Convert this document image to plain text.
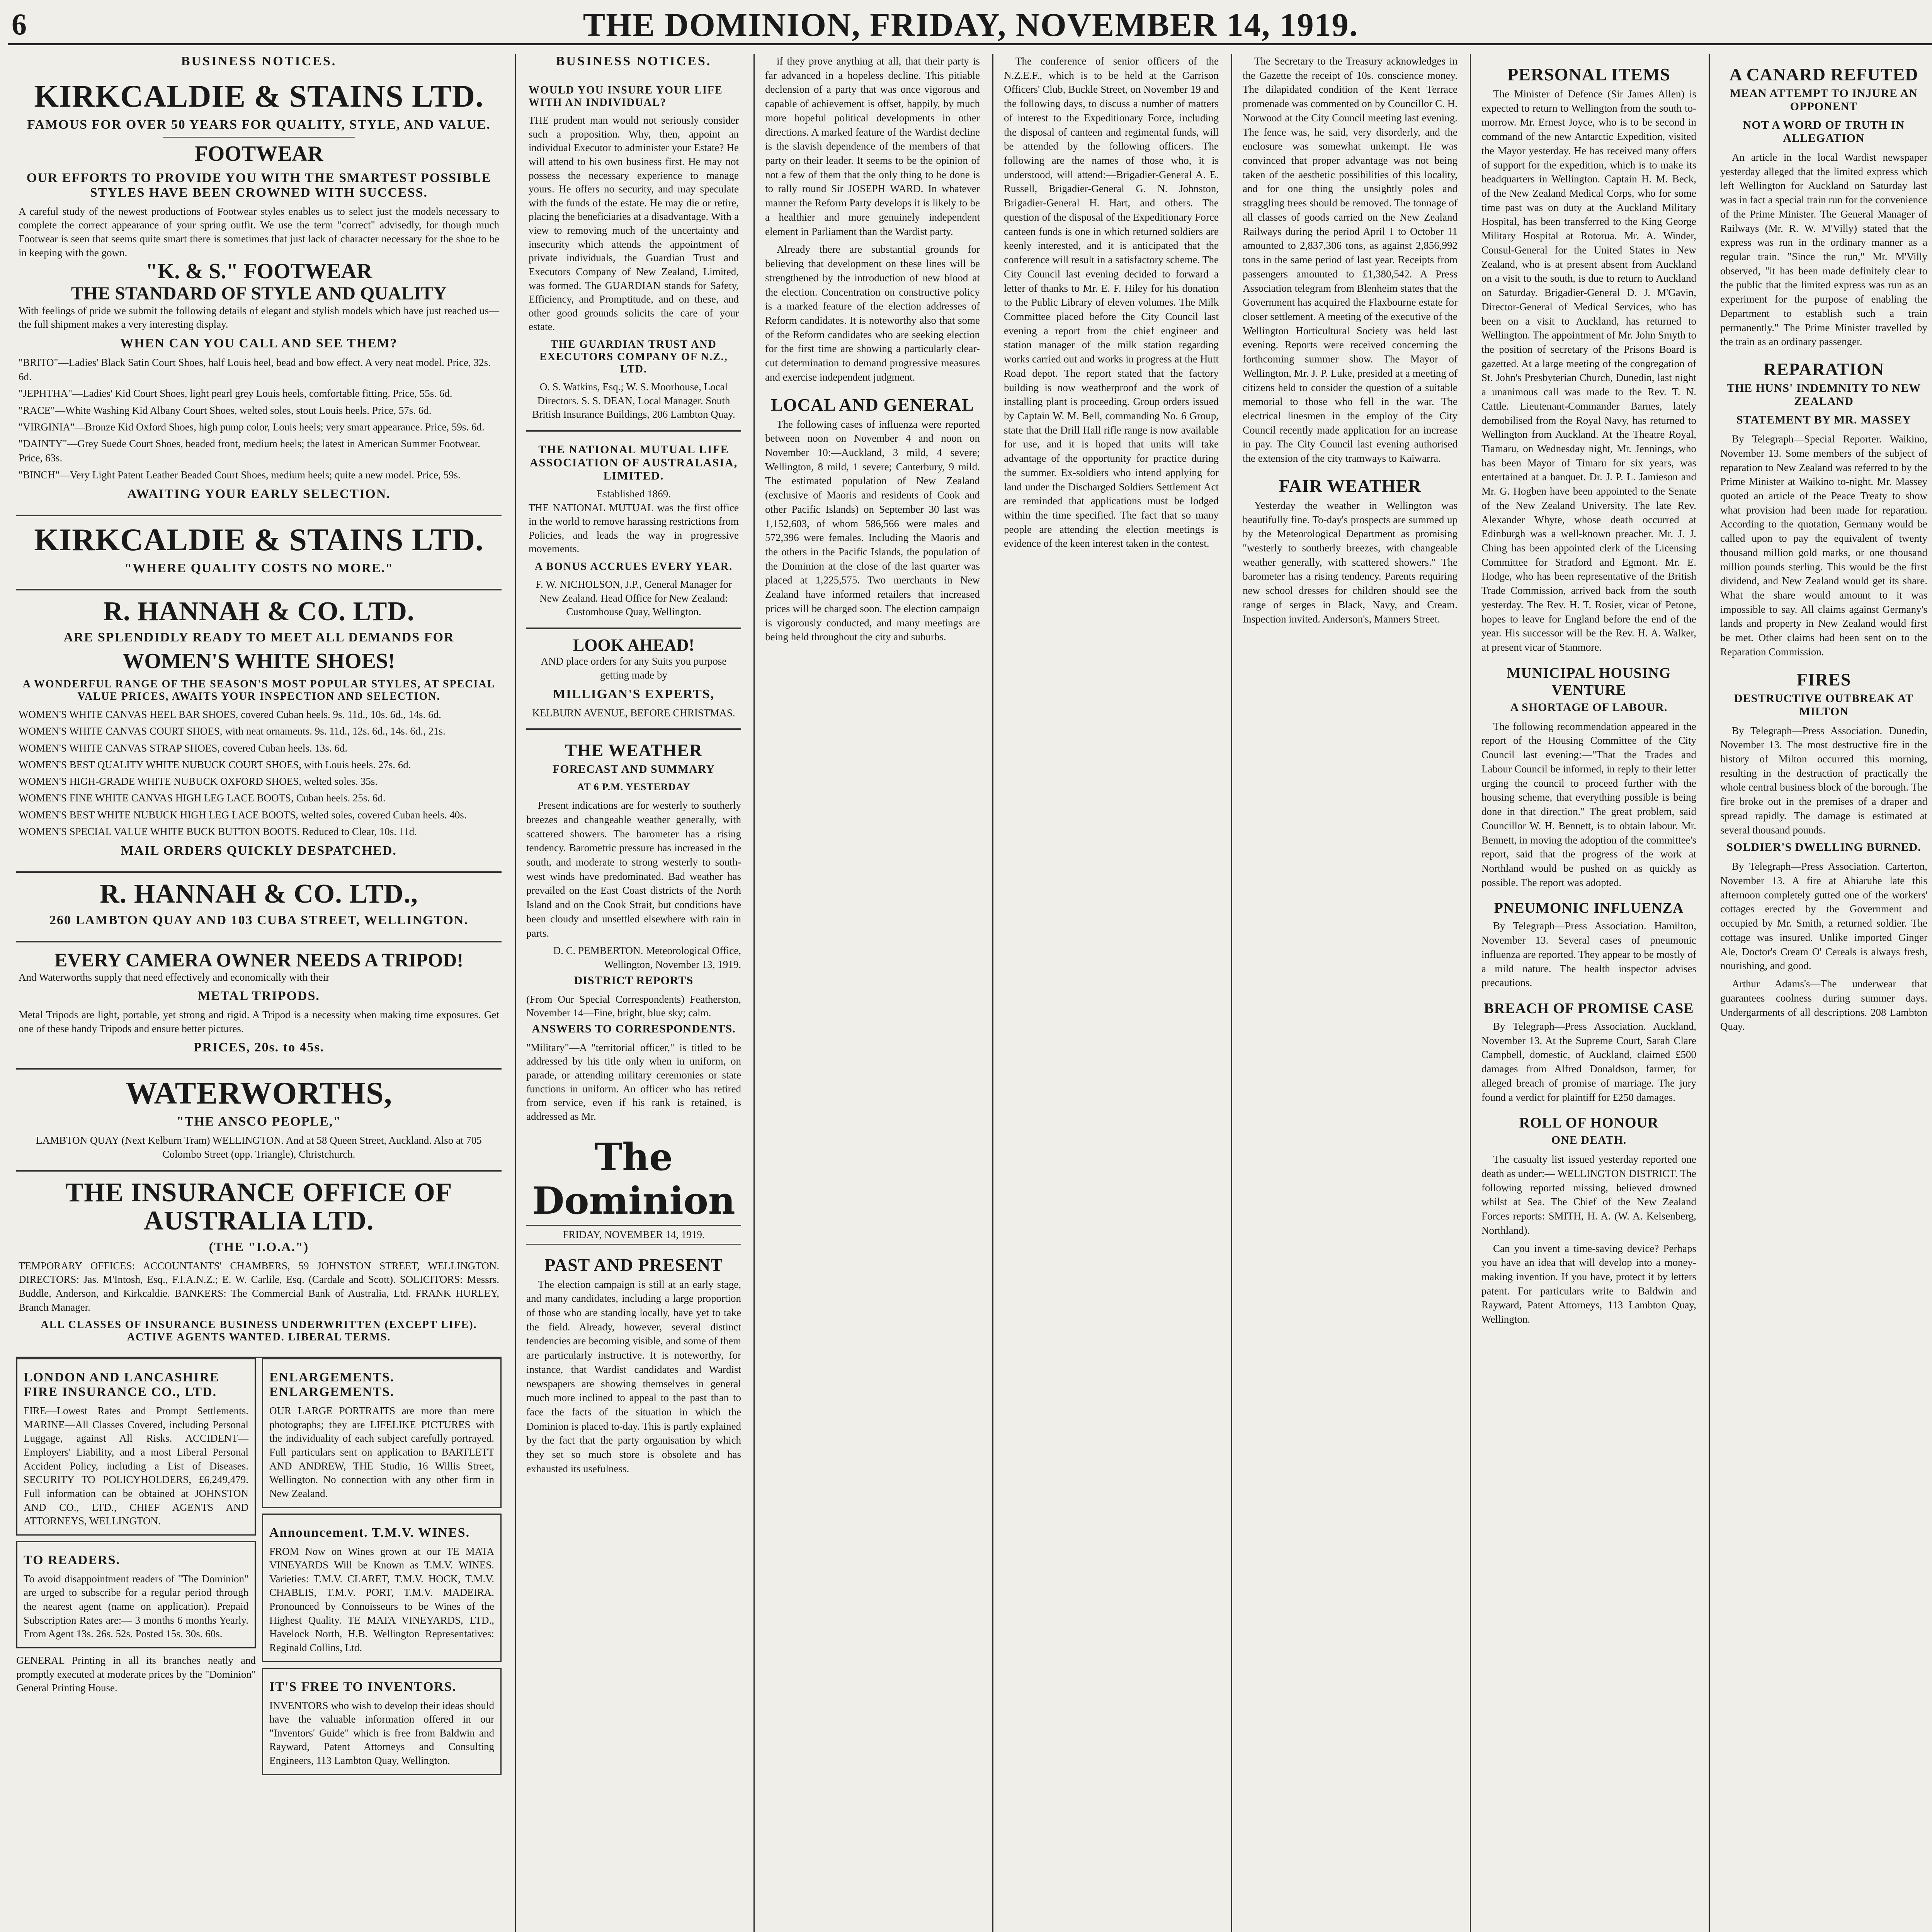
6	THE DOMINION, FRIDAY, NOVEMBER 14, 1919.
BUSINESS NOTICES.
KIRKCALDIE & STAINS LTD.
FAMOUS FOR OVER 50 YEARS FOR QUALITY, STYLE, AND VALUE.
FOOTWEAR
OUR EFFORTS TO PROVIDE YOU WITH THE SMARTEST POSSIBLE STYLES HAVE BEEN CROWNED WITH SUCCESS.
A careful study of the newest productions of Footwear styles enables us to select just the models necessary to complete the correct appearance of your spring outfit. We use the term "correct" advisedly, for though much Footwear is seen that seems quite smart there is sometimes that just lack of character necessary for the shoe to be in keeping with the gown.
"K. & S." FOOTWEAR
THE STANDARD OF STYLE AND QUALITY
With feelings of pride we submit the following details of elegant and stylish models which have just reached us—the full shipment makes a very interesting display.
WHEN CAN YOU CALL AND SEE THEM?
"BRITO"—Ladies' Black Satin Court Shoes, half Louis heel, bead and bow effect. A very neat model. Price, 32s. 6d.
"JEPHTHA"—Ladies' Kid Court Shoes, light pearl grey Louis heels, comfortable fitting. Price, 55s. 6d.
"RACE"—White Washing Kid Albany Court Shoes, welted soles, stout Louis heels. Price, 57s. 6d.
"VIRGINIA"—Bronze Kid Oxford Shoes, high pump color, Louis heels; very smart appearance. Price, 59s. 6d.
"DAINTY"—Grey Suede Court Shoes, beaded front, medium heels; the latest in American Summer Footwear. Price, 63s.
"BINCH"—Very Light Patent Leather Beaded Court Shoes, medium heels; quite a new model. Price, 59s.
AWAITING YOUR EARLY SELECTION.
KIRKCALDIE & STAINS LTD.
"WHERE QUALITY COSTS NO MORE."
R. HANNAH & CO. LTD.
ARE SPLENDIDLY READY TO MEET ALL DEMANDS FOR
WOMEN'S WHITE SHOES!
A WONDERFUL RANGE OF THE SEASON'S MOST POPULAR STYLES, AT SPECIAL VALUE PRICES, AWAITS YOUR INSPECTION AND SELECTION.
WOMEN'S WHITE CANVAS HEEL BAR SHOES, covered Cuban heels. 9s. 11d., 10s. 6d., 14s. 6d.
WOMEN'S WHITE CANVAS COURT SHOES, with neat ornaments. 9s. 11d., 12s. 6d., 14s. 6d., 21s.
WOMEN'S WHITE CANVAS STRAP SHOES, covered Cuban heels. 13s. 6d.
WOMEN'S BEST QUALITY WHITE NUBUCK COURT SHOES, with Louis heels. 27s. 6d.
WOMEN'S HIGH-GRADE WHITE NUBUCK OXFORD SHOES, welted soles. 35s.
WOMEN'S FINE WHITE CANVAS HIGH LEG LACE BOOTS, Cuban heels. 25s. 6d.
WOMEN'S BEST WHITE NUBUCK HIGH LEG LACE BOOTS, welted soles, covered Cuban heels. 40s.
WOMEN'S SPECIAL VALUE WHITE BUCK BUTTON BOOTS. Reduced to Clear, 10s. 11d.
MAIL ORDERS QUICKLY DESPATCHED.
R. HANNAH & CO. LTD.,
260 LAMBTON QUAY AND 103 CUBA STREET, WELLINGTON.
EVERY CAMERA OWNER NEEDS A TRIPOD!
And Waterworths supply that need effectively and economically with their
METAL TRIPODS.
Metal Tripods are light, portable, yet strong and rigid. A Tripod is a necessity when making time exposures. Get one of these handy Tripods and ensure better pictures.
PRICES, 20s. to 45s.
WATERWORTHS,
"THE ANSCO PEOPLE,"
LAMBTON QUAY (Next Kelburn Tram) WELLINGTON. And at 58 Queen Street, Auckland. Also at 705 Colombo Street (opp. Triangle), Christchurch.
THE INSURANCE OFFICE OF AUSTRALIA LTD.
(THE "I.O.A.")
TEMPORARY OFFICES: ACCOUNTANTS' CHAMBERS, 59 JOHNSTON STREET, WELLINGTON. DIRECTORS: Jas. M'Intosh, Esq., F.I.A.N.Z.; E. W. Carlile, Esq. (Cardale and Scott). SOLICITORS: Messrs. Buddle, Anderson, and Kirkcaldie. BANKERS: The Commercial Bank of Australia, Ltd. FRANK HURLEY, Branch Manager.
ALL CLASSES OF INSURANCE BUSINESS UNDERWRITTEN (EXCEPT LIFE). ACTIVE AGENTS WANTED. LIBERAL TERMS.
LONDON AND LANCASHIRE FIRE INSURANCE CO., LTD.
FIRE—Lowest Rates and Prompt Settlements. MARINE—All Classes Covered, including Personal Luggage, against All Risks. ACCIDENT—Employers' Liability, and a most Liberal Personal Accident Policy, including a List of Diseases. SECURITY TO POLICYHOLDERS, £6,249,479. Full information can be obtained at JOHNSTON AND CO., LTD., CHIEF AGENTS AND ATTORNEYS, WELLINGTON.
TO READERS.
To avoid disappointment readers of "The Dominion" are urged to subscribe for a regular period through the nearest agent (name on application). Prepaid Subscription Rates are:— 3 months 6 months Yearly. From Agent 13s. 26s. 52s. Posted 15s. 30s. 60s.
GENERAL Printing in all its branches neatly and promptly executed at moderate prices by the "Dominion" General Printing House.
ENLARGEMENTS. ENLARGEMENTS.
OUR LARGE PORTRAITS are more than mere photographs; they are LIFELIKE PICTURES with the individuality of each subject carefully portrayed. Full particulars sent on application to BARTLETT AND ANDREW, THE Studio, 16 Willis Street, Wellington. No connection with any other firm in New Zealand.
Announcement. T.M.V. WINES.
FROM Now on Wines grown at our TE MATA VINEYARDS Will be Known as T.M.V. WINES. Varieties: T.M.V. CLARET, T.M.V. HOCK, T.M.V. CHABLIS, T.M.V. PORT, T.M.V. MADEIRA. Pronounced by Connoisseurs to be Wines of the Highest Quality. TE MATA VINEYARDS, LTD., Havelock North, H.B. Wellington Representatives: Reginald Collins, Ltd.
IT'S FREE TO INVENTORS.
INVENTORS who wish to develop their ideas should have the valuable information offered in our "Inventors' Guide" which is free from Baldwin and Rayward, Patent Attorneys and Consulting Engineers, 113 Lambton Quay, Wellington.
BUSINESS NOTICES.
WOULD YOU INSURE YOUR LIFE WITH AN INDIVIDUAL?
THE prudent man would not seriously consider such a proposition. Why, then, appoint an individual Executor to administer your Estate? He will attend to his own business first. He may not possess the necessary experience to manage yours. He offers no security, and may speculate with the funds of the estate. He may die or retire, placing the beneficiaries at a disadvantage. With a view to removing much of the uncertainty and insecurity which attends the appointment of private individuals, the Guardian Trust and Executors Company of New Zealand, Limited, was formed. The GUARDIAN stands for Safety, Efficiency, and Promptitude, and on these, and other good grounds solicits the care of your estate.
THE GUARDIAN TRUST AND EXECUTORS COMPANY OF N.Z., LTD.
O. S. Watkins, Esq.; W. S. Moorhouse, Local Directors. S. S. DEAN, Local Manager. South British Insurance Buildings, 206 Lambton Quay.
THE NATIONAL MUTUAL LIFE ASSOCIATION OF AUSTRALASIA, LIMITED.
Established 1869.
THE NATIONAL MUTUAL was the first office in the world to remove harassing restrictions from Policies, and leads the way in progressive movements.
A BONUS ACCRUES EVERY YEAR.
F. W. NICHOLSON, J.P., General Manager for New Zealand. Head Office for New Zealand: Customhouse Quay, Wellington.
LOOK AHEAD!
AND place orders for any Suits you purpose getting made by
MILLIGAN'S EXPERTS,
KELBURN AVENUE, BEFORE CHRISTMAS.
THE WEATHER
FORECAST AND SUMMARY
AT 6 P.M. YESTERDAY

Present indications are for westerly to southerly breezes and changeable weather generally, with scattered showers. The barometer has a rising tendency. Barometric pressure has increased in the south, and moderate to strong westerly to south-west winds have predominated. Bad weather has prevailed on the East Coast districts of the North Island and on the Cook Strait, but conditions have been cloudy and unsettled elsewhere with rain in parts.

D. C. PEMBERTON. Meteorological Office, Wellington, November 13, 1919.
DISTRICT REPORTS
(From Our Special Correspondents) Featherston, November 14—Fine, bright, blue sky; calm.
ANSWERS TO CORRESPONDENTS.
"Military"—A "territorial officer," is titled to be addressed by his title only when in uniform, on parade, or attending military ceremonies or state functions in uniform. An officer who has retired from service, even if his rank is retained, is addressed as Mr.
The Dominion
FRIDAY, NOVEMBER 14, 1919.
PAST AND PRESENT

The election campaign is still at an early stage, and many candidates, including a large proportion of those who are standing locally, have yet to take the field. Already, however, several distinct tendencies are becoming visible, and some of them are particularly instructive. It is noteworthy, for instance, that Wardist candidates and Wardist newspapers are showing themselves in general much more inclined to appeal to the past than to face the facts of the situation in which the Dominion is placed to-day. This is partly explained by the fact that the party organisation by which they set so much store is obsolete and has exhausted its usefulness.

if they prove anything at all, that their party is far advanced in a hopeless decline. This pitiable declension of a party that was once vigorous and capable of achievement is offset, happily, by much more hopeful political developments in other directions. A marked feature of the Wardist decline is the slavish dependence of the members of that party on their leader. It seems to be the opinion of not a few of them that the only thing to be done is to rally round Sir JOSEPH WARD. In whatever manner the Reform Party develops it is likely to be a healthier and more genuinely independent element in Parliament than the Wardist party.

Already there are substantial grounds for believing that development on these lines will be strengthened by the introduction of new blood at the election. Concentration on constructive policy is a marked feature of the election addresses of Reform candidates. It is noteworthy also that some of the Reform candidates who are seeking election for the first time are showing a particularly clear-cut determination to demand progressive measures and exercise independent judgment.

LOCAL AND GENERAL

The following cases of influenza were reported between noon on November 4 and noon on November 10:—Auckland, 3 mild, 4 severe; Wellington, 8 mild, 1 severe; Canterbury, 9 mild. The estimated population of New Zealand (exclusive of Maoris and residents of Cook and other Pacific Islands) on September 30 last was 1,152,603, of whom 586,566 were males and 572,396 were females. Including the Maoris and the others in the Pacific Islands, the population of the Dominion at the close of the last quarter was placed at 1,225,575. Two merchants in New Zealand have informed retailers that increased prices will be charged soon. The election campaign is vigorously conducted, and many meetings are being held throughout the city and suburbs.

The conference of senior officers of the N.Z.E.F., which is to be held at the Garrison Officers' Club, Buckle Street, on November 19 and the following days, to discuss a number of matters of interest to the Expeditionary Force, including the disposal of canteen and regimental funds, will be attended by the following officers. The following are the names of those who, it is understood, will attend:—Brigadier-General A. E. Russell, Brigadier-General G. N. Johnston, Brigadier-General H. Hart, and others. The question of the disposal of the Expeditionary Force canteen funds is one in which returned soldiers are keenly interested, and it is anticipated that the conference will result in a satisfactory scheme. The City Council last evening decided to forward a letter of thanks to Mr. E. F. Hiley for his donation to the Public Library of eleven volumes. The Milk Committee placed before the City Council last evening a report from the chief engineer and station manager of the milk station regarding works carried out and works in progress at the Hutt Road depot. The report stated that the factory building is now weatherproof and the work of installing plant is proceeding. Group orders issued by Captain W. M. Bell, commanding No. 6 Group, state that the Drill Hall rifle range is now available for use, and it is hoped that units will take advantage of the opportunity for practice during the summer. Ex-soldiers who intend applying for land under the Discharged Soldiers Settlement Act are reminded that applications must be lodged within the time specified. The fact that so many people are attending the election meetings is evidence of the keen interest taken in the contest.

The Secretary to the Treasury acknowledges in the Gazette the receipt of 10s. conscience money. The dilapidated condition of the Kent Terrace promenade was commented on by Councillor C. H. Norwood at the City Council meeting last evening. The fence was, he said, very disorderly, and the enclosure was somewhat unkempt. He was convinced that proper advantage was not being taken of the aesthetic possibilities of this locality, and for one thing the unsightly poles and straggling trees should be removed. The tonnage of all classes of goods carried on the New Zealand Railways during the period April 1 to October 11 amounted to 2,837,306 tons, as against 2,856,992 tons in the same period of last year. Receipts from passengers amounted to £1,380,542. A Press Association telegram from Blenheim states that the Government has acquired the Flaxbourne estate for closer settlement. A meeting of the executive of the Wellington Horticultural Society was held last evening. Reports were received concerning the forthcoming summer show. The Mayor of Wellington, Mr. J. P. Luke, presided at a meeting of citizens held to consider the question of a suitable memorial to those who fell in the war. The electrical linesmen in the employ of the City Council recently made application for an increase in pay. The City Council last evening authorised the extension of the city tramways to Kaiwarra.

FAIR WEATHER

Yesterday the weather in Wellington was beautifully fine. To-day's prospects are summed up by the Meteorological Department as promising "westerly to southerly breezes, with changeable weather generally, with scattered showers." The barometer has a rising tendency. Parents requiring new school dresses for children should see the range of serges in Black, Navy, and Cream. Inspection invited. Anderson's, Manners Street.

PERSONAL ITEMS

The Minister of Defence (Sir James Allen) is expected to return to Wellington from the south to-morrow. Mr. Ernest Joyce, who is to be second in command of the new Antarctic Expedition, visited the Mayor yesterday. He has received many offers of support for the expedition, which is to make its headquarters in Wellington. Captain H. M. Beck, of the New Zealand Medical Corps, who for some time past was on duty at the Auckland Military Hospital, has been transferred to the King George Military Hospital at Rotorua. Mr. A. Winder, Consul-General for the United States in New Zealand, who is at present absent from Auckland on a visit to the south, is due to return to Auckland on Saturday. Brigadier-General D. J. M'Gavin, Director-General of Medical Services, who has been on a visit to Auckland, has returned to Wellington. The appointment of Mr. John Smyth to the position of secretary of the Prisons Board is gazetted. At a large meeting of the congregation of St. John's Presbyterian Church, Dunedin, last night a unanimous call was made to the Rev. T. N. Cattle. Lieutenant-Commander Barnes, lately demobilised from the Royal Navy, has returned to Wellington from Auckland. At the Theatre Royal, Tiamaru, on Wednesday night, Mr. Jennings, who has been Mayor of Timaru for six years, was entertained at a banquet. Dr. J. P. L. Jamieson and Mr. G. Hogben have been appointed to the Senate of the New Zealand University. The late Rev. Alexander Whyte, whose death occurred at Edinburgh was a well-known preacher. Mr. J. J. Ching has been appointed clerk of the Licensing Committee for Stratford and Egmont. Mr. E. Hodge, who has been representative of the British Trade Commission, arrived back from the south yesterday. The Rev. H. T. Rosier, vicar of Petone, hopes to leave for England before the end of the year. His successor will be the Rev. H. A. Walker, at present vicar of Stanmore.

MUNICIPAL HOUSING VENTURE
A SHORTAGE OF LABOUR.

The following recommendation appeared in the report of the Housing Committee of the City Council last evening:—"That the Trades and Labour Council be informed, in reply to their letter urging the council to proceed further with the housing scheme, that everything possible is being done in that direction." The great problem, said Councillor W. H. Bennett, is to obtain labour. Mr. Bennett, in moving the adoption of the committee's report, said that the progress of the work at Northland would be pushed on as quickly as possible. The report was adopted.

PNEUMONIC INFLUENZA

By Telegraph—Press Association. Hamilton, November 13. Several cases of pneumonic influenza are reported. They appear to be mostly of a mild nature. The health inspector advises precautions.

BREACH OF PROMISE CASE

By Telegraph—Press Association. Auckland, November 13. At the Supreme Court, Sarah Clare Campbell, domestic, of Auckland, claimed £500 damages from Alfred Donaldson, farmer, for alleged breach of promise of marriage. The jury found a verdict for plaintiff for £250 damages.

ROLL OF HONOUR
ONE DEATH.

The casualty list issued yesterday reported one death as under:— WELLINGTON DISTRICT. The following reported missing, believed drowned whilst at Sea. The Chief of the New Zealand Forces reports: SMITH, H. A. (W. A. Kelsenberg, Northland).

Can you invent a time-saving device? Perhaps you have an idea that will develop into a money-making invention. If you have, protect it by letters patent. For particulars write to Baldwin and Rayward, Patent Attorneys, 113 Lambton Quay, Wellington.

A CANARD REFUTED
MEAN ATTEMPT TO INJURE AN OPPONENT
NOT A WORD OF TRUTH IN ALLEGATION

An article in the local Wardist newspaper yesterday alleged that the limited express which left Wellington for Auckland on Saturday last was in fact a special train run for the convenience of the Prime Minister. The General Manager of Railways (Mr. R. W. M'Villy) stated that the express was run in the ordinary manner as a regular train. "Since the run," Mr. M'Villy observed, "it has been made definitely clear to the public that the limited express was run as an experiment for the purpose of enabling the Department to establish such a train permanently." The Prime Minister travelled by the train as an ordinary passenger.

REPARATION
THE HUNS' INDEMNITY TO NEW ZEALAND
STATEMENT BY MR. MASSEY

By Telegraph—Special Reporter. Waikino, November 13. Some members of the subject of reparation to New Zealand was referred to by the Prime Minister at Waikino to-night. Mr. Massey quoted an article of the Peace Treaty to show what provision had been made for reparation. According to the quotation, Germany would be called upon to pay the equivalent of twenty thousand million gold marks, or one thousand million pounds sterling. This would be the first dividend, and New Zealand would get its share. What the share would amount to it was impossible to say. All claims against Germany's lands and property in New Zealand would first be met. Other claims had been sent on to the Reparation Commission.

FIRES
DESTRUCTIVE OUTBREAK AT MILTON

By Telegraph—Press Association. Dunedin, November 13. The most destructive fire in the history of Milton occurred this morning, resulting in the destruction of practically the whole central business block of the borough. The fire broke out in the premises of a draper and spread rapidly. The damage is estimated at several thousand pounds.

SOLDIER'S DWELLING BURNED.

By Telegraph—Press Association. Carterton, November 13. A fire at Ahiaruhe late this afternoon completely gutted one of the workers' cottages erected by the Government and occupied by Mr. Smith, a returned soldier. The cottage was insured. Unlike imported Ginger Ale, Doctor's Cream O' Cereals is always fresh, nourishing, and good.

Arthur Adams's—The underwear that guarantees coolness during summer days. Undergarments of all descriptions. 208 Lambton Quay.
